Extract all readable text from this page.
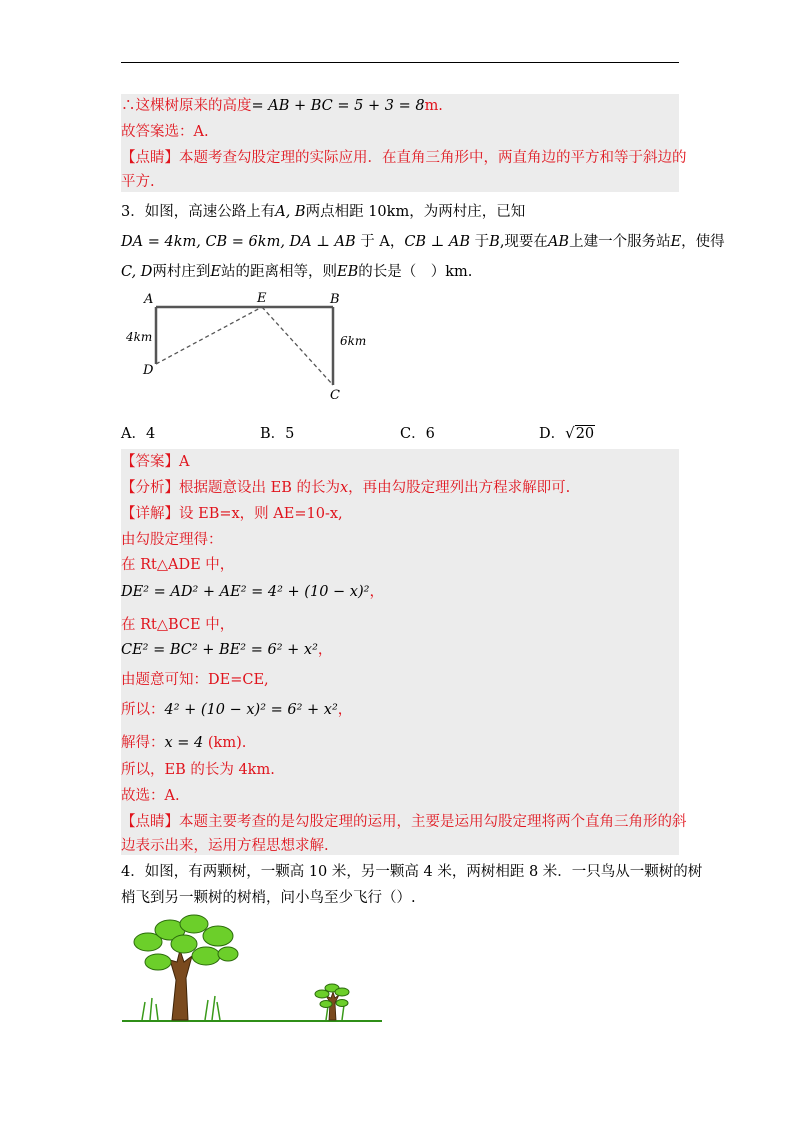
∴这棵树原来的高度= AB + BC = 5 + 3 = 8m.
故答案选：A.
【点睛】本题考查勾股定理的实际应用．在直角三角形中，两直角边的平方和等于斜边的
平方.
3．如图，高速公路上有A, B两点相距 10km，为两村庄，已知
DA = 4km, CB = 6km, DA ⊥ AB 于 A，CB ⊥ AB 于B,现要在AB上建一个服务站E，使得
C, D两村庄到E站的距离相等，则EB的长是（　）km.
A	E	B
D
C
4km	6km
A．4	B．5	C．6	D．√20
【答案】A
【分析】根据题意设出 EB 的长为x，再由勾股定理列出方程求解即可.
【详解】设 EB=x，则 AE=10-x,
由勾股定理得：
在 Rt△ADE 中，
DE² = AD² + AE² = 4² + (10 − x)²，
在 Rt△BCE 中，
CE² = BC² + BE² = 6² + x²，
由题意可知：DE=CE,
所以：4² + (10 − x)² = 6² + x²，
解得：x = 4 (km).
所以，EB 的长为 4km.
故选：A.
【点睛】本题主要考查的是勾股定理的运用，主要是运用勾股定理将两个直角三角形的斜
边表示出来，运用方程思想求解.
4．如图，有两颗树，一颗高 10 米，另一颗高 4 米，两树相距 8 米．一只鸟从一颗树的树
梢飞到另一颗树的树梢，问小鸟至少飞行（）.
